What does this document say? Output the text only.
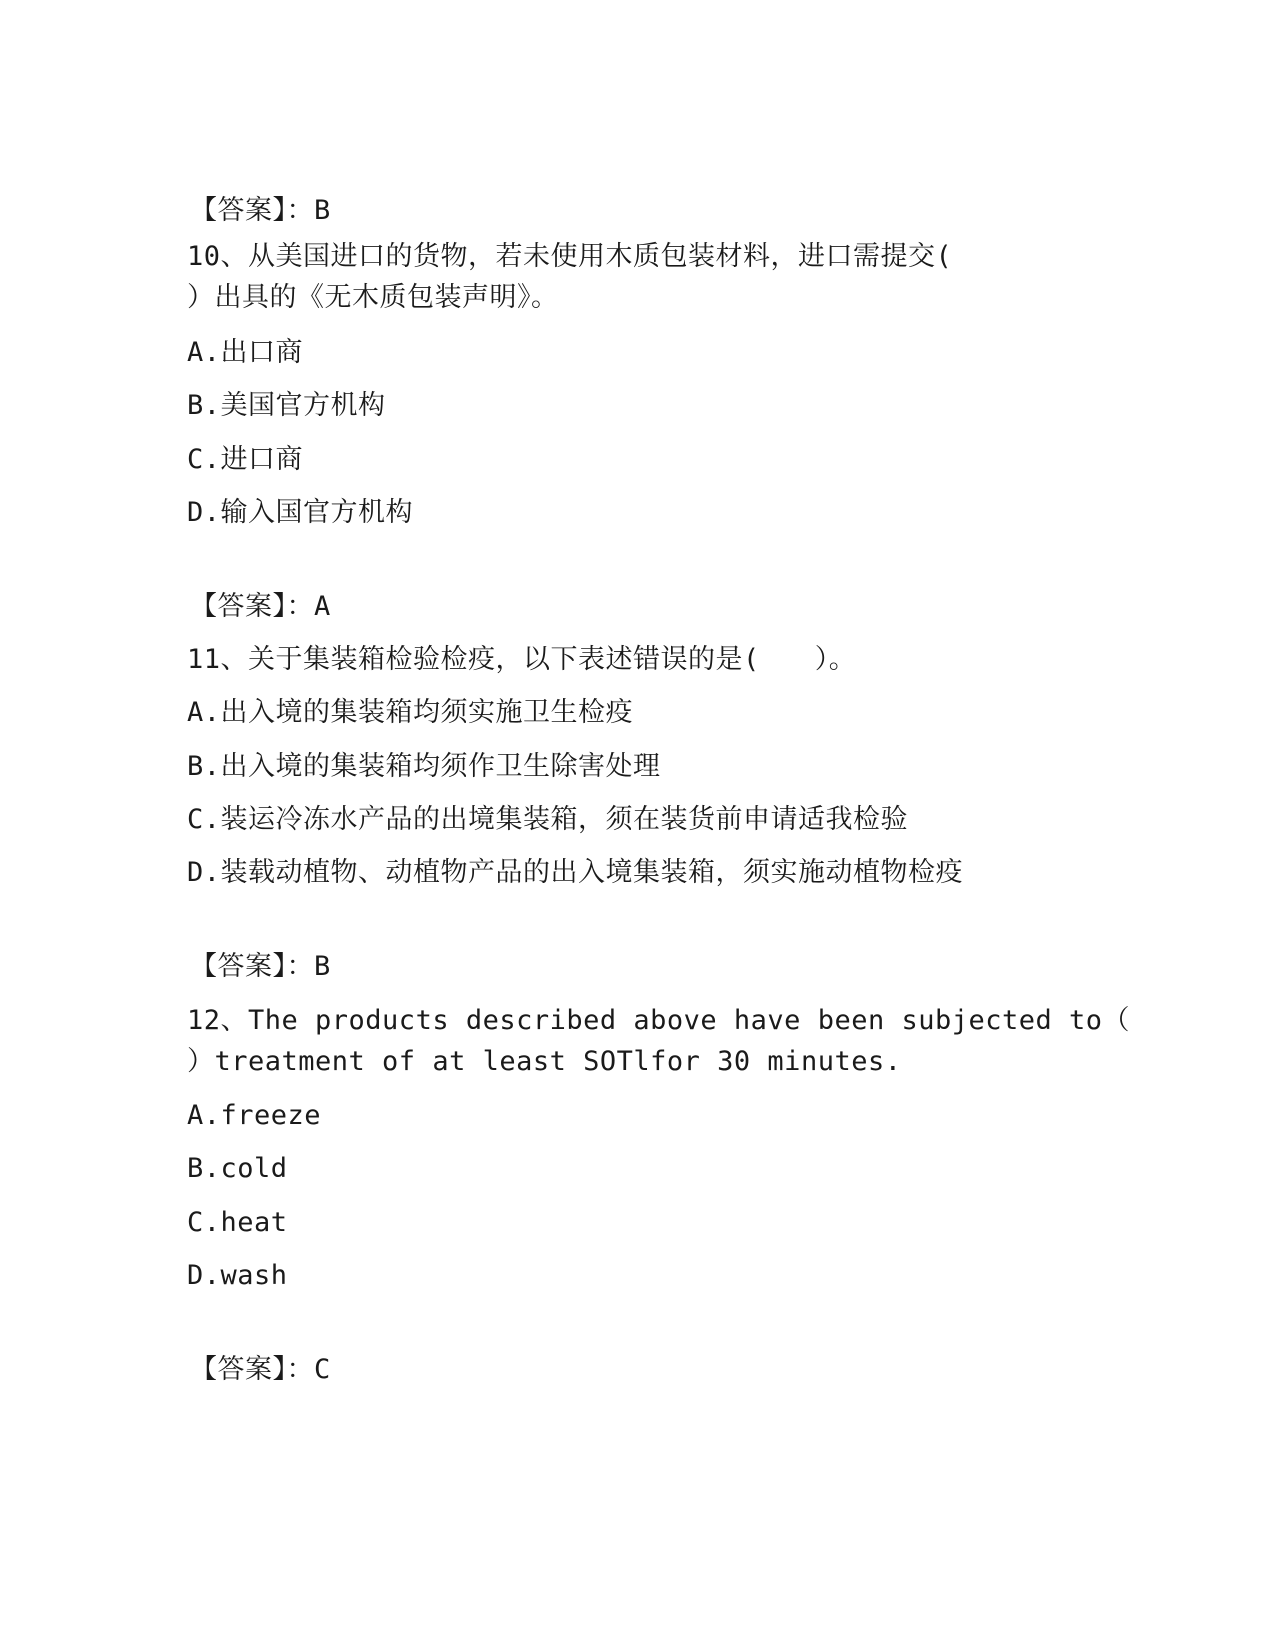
【答案】：B
10、从美国进口的货物，若未使用木质包装材料，进口需提交(
）出具的《无木质包装声明》。
A.出口商
B.美国官方机构
C.进口商
D.输入国官方机构
【答案】：A
11、关于集装箱检验检疫，以下表述错误的是(　　）。
A.出入境的集装箱均须实施卫生检疫
B.出入境的集装箱均须作卫生除害处理
C.装运冷冻水产品的出境集装箱，须在装货前申请适我检验
D.装载动植物、动植物产品的出入境集装箱，须实施动植物检疫
【答案】：B
12、The products described above have been subjected to（
）treatment of at least SOTlfor 30 minutes.
A.freeze
B.cold
C.heat
D.wash
【答案】：C
